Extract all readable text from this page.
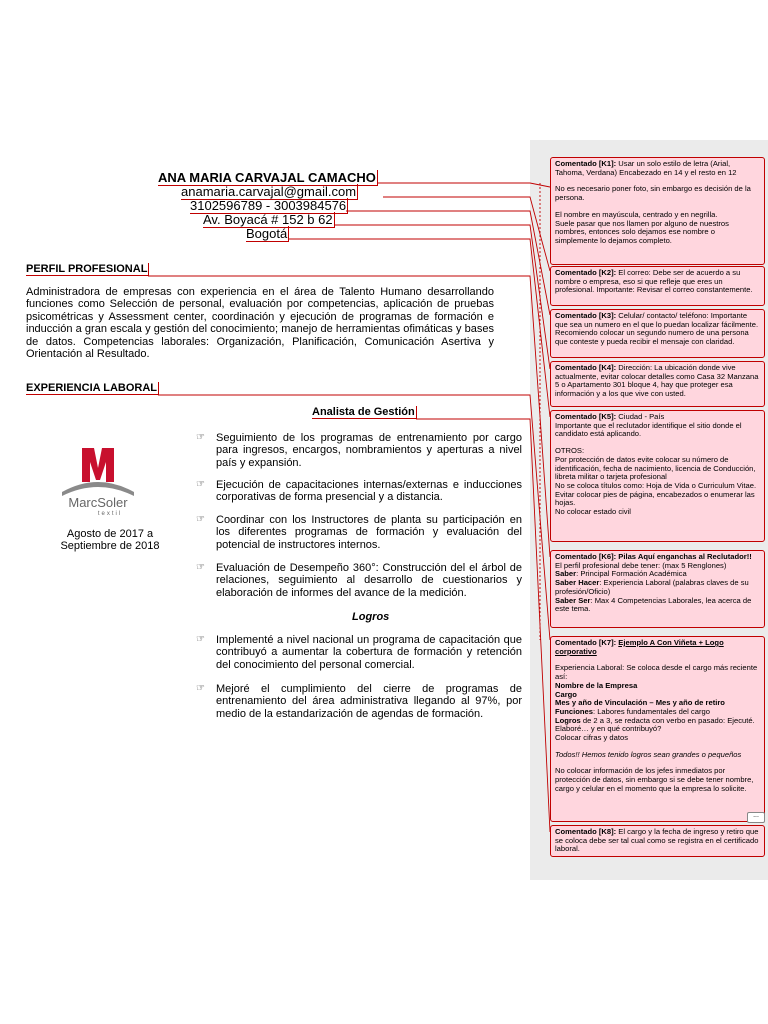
ANA MARIA CARVAJAL CAMACHO
anamaria.carvajal@gmail.com
3102596789 - 3003984576
Av. Boyacá # 152 b 62
Bogotá
PERFIL PROFESIONAL
Administradora de empresas con experiencia en el área de Talento Humano desarrollando funciones como Selección de personal, evaluación por competencias, aplicación de pruebas psicométricas y Assessment center, coordinación y ejecución de programas de formación e inducción a gran escala y gestión del conocimiento; manejo de herramientas ofimáticas y bases de datos. Competencias laborales: Organización, Planificación, Comunicación Asertiva y Orientación al Resultado.
EXPERIENCIA LABORAL
Analista de Gestión
MarcSoler
textil
Agosto de 2017 a Septiembre de 2018
☞ Seguimiento de los programas de entrenamiento por cargo para ingresos, encargos, nombramientos y aperturas a nivel país y expansión.
☞ Ejecución de capacitaciones internas/externas e inducciones corporativas de forma presencial y a distancia.
☞ Coordinar con los Instructores de planta su participación en los diferentes programas de formación y evaluación del potencial de instructores internos.
☞ Evaluación de Desempeño 360°: Construcción del el árbol de relaciones, seguimiento al desarrollo de cuestionarios y elaboración de informes del avance de la medición.
Logros
☞ Implementé a nivel nacional un programa de capacitación que contribuyó a aumentar la cobertura de formación y retención del conocimiento del personal comercial.
☞ Mejoré el cumplimiento del cierre de programas de entrenamiento del área administrativa llegando al 97%, por medio de la estandarización de agendas de formación.

Comentado [K1]: Usar un solo estilo de letra (Arial, Tahoma, Verdana) Encabezado en 14 y el resto en 12

No es necesario poner foto, sin embargo es decisión de la persona.

El nombre en mayúscula, centrado y en negrilla.

Suele pasar que nos llamen por alguno de nuestros nombres, entonces solo dejamos ese nombre o simplemente lo dejamos completo.

Comentado [K2]: El correo: Debe ser de acuerdo a su nombre o empresa, eso si que refleje que eres un profesional. Importante: Revisar el correo constantemente.

Comentado [K3]: Celular/ contacto/ teléfono: Importante que sea un numero en el que lo puedan localizar fácilmente. Recomiendo colocar un segundo numero de una persona que conteste y pueda recibir el mensaje con claridad.

Comentado [K4]: Dirección: La ubicación donde vive actualmente, evitar colocar detalles como Casa 32 Manzana 5 o Apartamento 301 bloque 4, hay que proteger esa información y a los que vive con usted.

Comentado [K5]: Ciudad - País

Importante que el reclutador identifique el sitio donde el candidato está aplicando.

OTROS:

Por protección de datos evite colocar su número de identificación, fecha de nacimiento, licencia de Conducción, libreta militar o tarjeta profesional

No se coloca títulos como: Hoja de Vida o Curriculum Vitae.

Evitar colocar pies de página, encabezados o enumerar las hojas.

No colocar estado civil

Comentado [K6]: Pilas Aquí enganchas al Reclutador!!

El perfil profesional debe tener: (max 5 Renglones)

Saber: Principal Formación Académica

Saber Hacer: Experiencia Laboral (palabras claves de su profesión/Oficio)

Saber Ser: Max 4 Competencias Laborales, lea acerca de este tema.

Comentado [K7]: Ejemplo A Con Viñeta + Logo corporativo

Experiencia Laboral: Se coloca desde el cargo más reciente así:

Nombre de la Empresa

Cargo

Mes y año de Vinculación – Mes y año de retiro

Funciones: Labores fundamentales del cargo

Logros de 2 a 3, se redacta con verbo en pasado: Ejecuté. Elaboré… y en qué contribuyó?

Colocar cifras y datos

Todos!! Hemos tenido logros sean grandes o pequeños

No colocar información de los jefes inmediatos por protección de datos, sin embargo si se debe tener nombre, cargo y celular en el momento que la empresa lo solicite.

...

Comentado [K8]: El cargo y la fecha de ingreso y retiro que se coloca debe ser tal cual como se registra en el certificado laboral.
